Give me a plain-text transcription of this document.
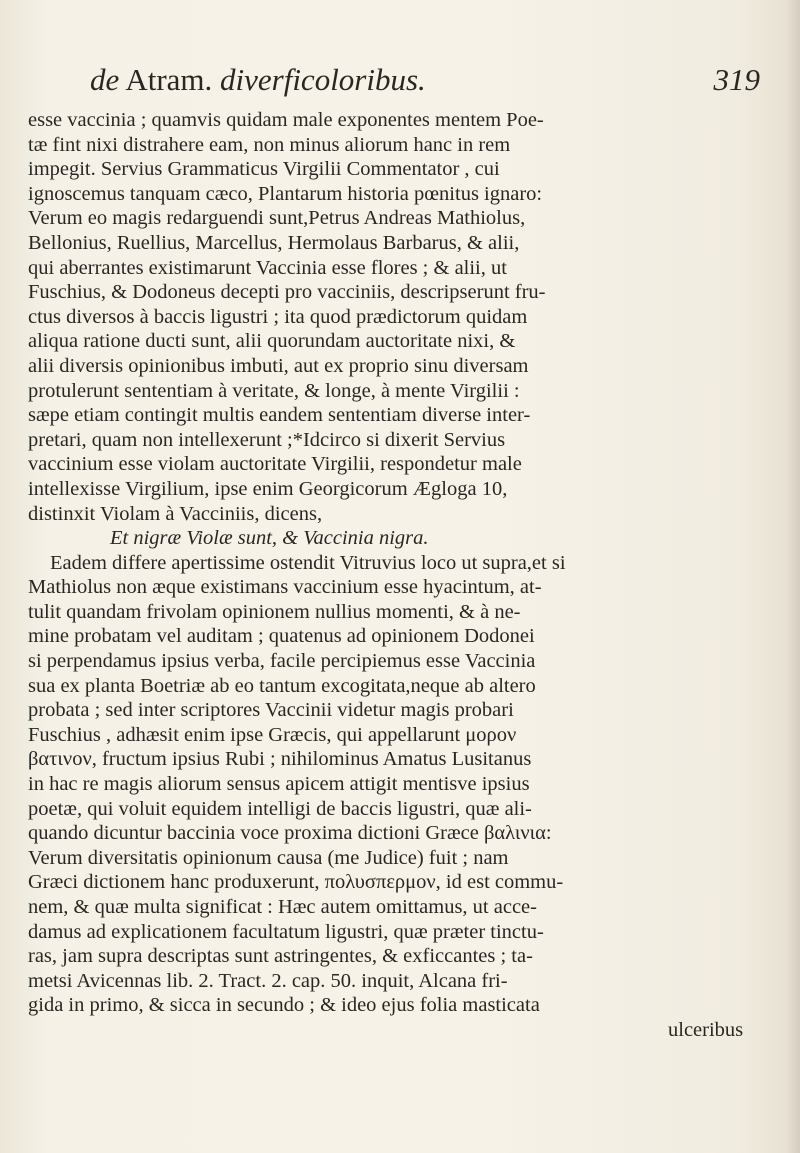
de Atram. diverficoloribus.	319
esse vaccinia ; quamvis quidam male exponentes mentem Poe-
tæ fint nixi distrahere eam, non minus aliorum hanc in rem
impegit. Servius Grammaticus Virgilii Commentator , cui
ignoscemus tanquam cæco, Plantarum historia pœnitus ignaro:
Verum eo magis redarguendi sunt,Petrus Andreas Mathiolus,
Bellonius, Ruellius, Marcellus, Hermolaus Barbarus, & alii,
qui aberrantes existimarunt Vaccinia esse flores ; & alii, ut
Fuschius, & Dodoneus decepti pro vacciniis, descripserunt fru-
ctus diversos à baccis ligustri ; ita quod prædictorum quidam
aliqua ratione ducti sunt, alii quorundam auctoritate nixi, &
alii diversis opinionibus imbuti, aut ex proprio sinu diversam
protulerunt sententiam à veritate, & longe, à mente Virgilii :
sæpe etiam contingit multis eandem sententiam diverse inter-
pretari, quam non intellexerunt ;*Idcirco si dixerit Servius
vaccinium esse violam auctoritate Virgilii, respondetur male
intellexisse Virgilium, ipse enim Georgicorum Ægloga 10,
distinxit Violam à Vacciniis, dicens,
Et nigræ Violæ sunt, & Vaccinia nigra.
Eadem differe apertissime ostendit Vitruvius loco ut supra,et si
Mathiolus non æque existimans vaccinium esse hyacintum, at-
tulit quandam frivolam opinionem nullius momenti, & à ne-
mine probatam vel auditam ; quatenus ad opinionem Dodonei
si perpendamus ipsius verba, facile percipiemus esse Vaccinia
sua ex planta Boetriæ ab eo tantum excogitata,neque ab altero
probata ; sed inter scriptores Vaccinii videtur magis probari
Fuschius , adhæsit enim ipse Græcis, qui appellarunt μορον
βατινον, fructum ipsius Rubi ; nihilominus Amatus Lusitanus
in hac re magis aliorum sensus apicem attigit mentisve ipsius
poetæ, qui voluit equidem intelligi de baccis ligustri, quæ ali-
quando dicuntur baccinia voce proxima dictioni Græce βαλινια:
Verum diversitatis opinionum causa (me Judice) fuit ; nam
Græci dictionem hanc produxerunt, πολυσπερμον, id est commu-
nem, & quæ multa significat : Hæc autem omittamus, ut acce-
damus ad explicationem facultatum ligustri, quæ præter tinctu-
ras, jam supra descriptas sunt astringentes, & exficcantes ; ta-
metsi Avicennas lib. 2. Tract. 2. cap. 50. inquit, Alcana fri-
gida in primo, & sicca in secundo ; & ideo ejus folia masticata
ulceribus
